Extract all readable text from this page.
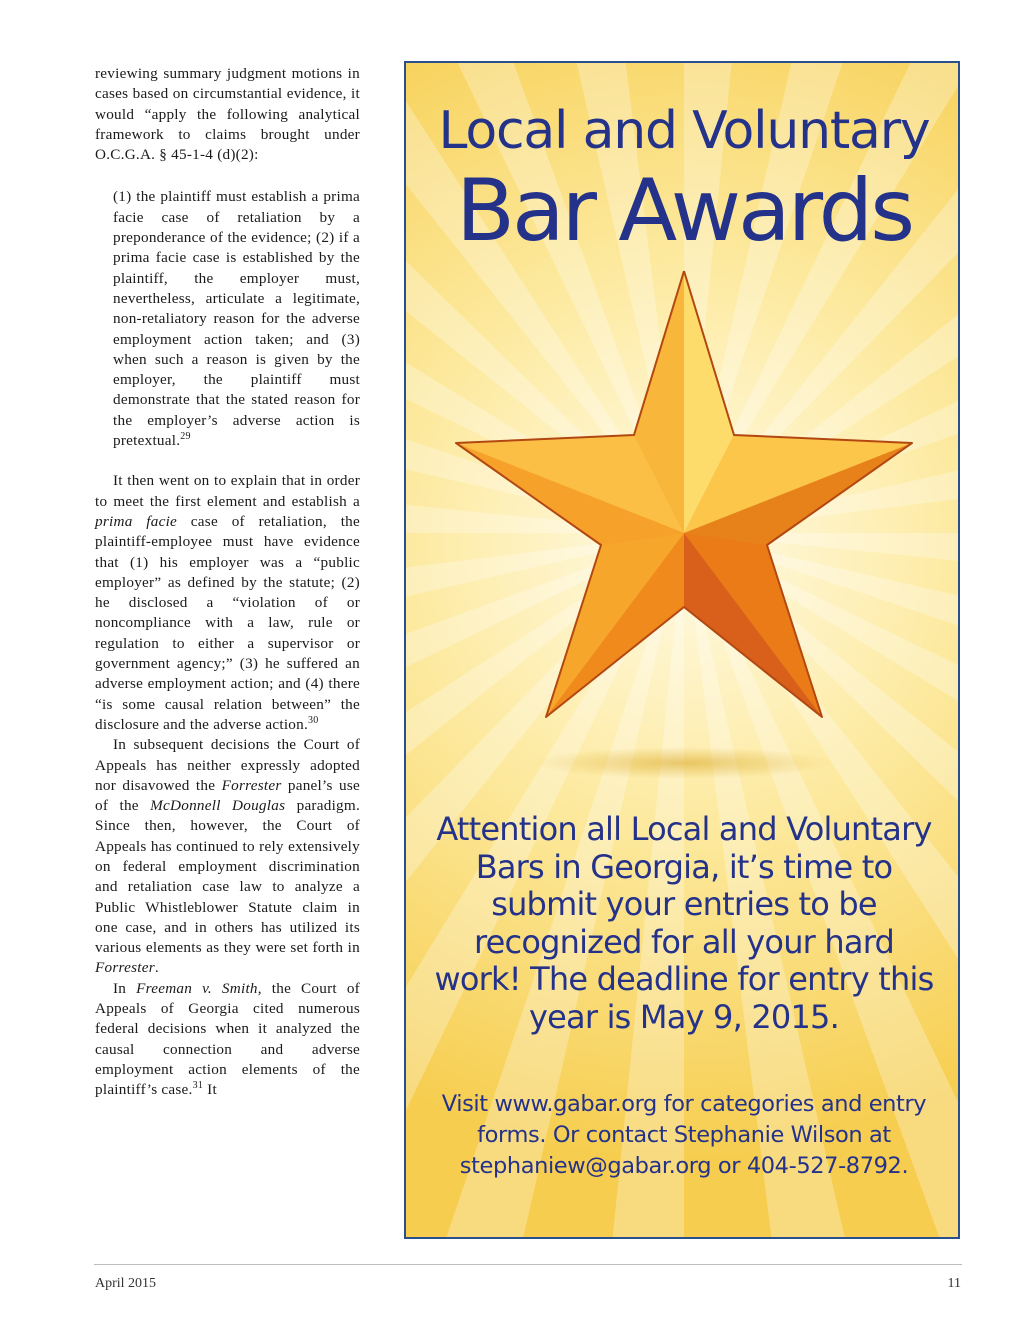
reviewing summary judgment motions in cases based on circumstantial evidence, it would “apply the following analytical framework to claims brought under O.C.G.A. § 45-1-4 (d)(2):

(1) the plaintiff must establish a prima facie case of retaliation by a preponderance of the evidence; (2) if a prima facie case is established by the plaintiff, the employer must, nevertheless, articulate a legitimate, non-retaliatory reason for the adverse employment action taken; and (3) when such a reason is given by the employer, the plaintiff must demonstrate that the stated reason for the employer’s adverse action is pretextual.$^{29}$

It then went on to explain that in order to meet the first element and establish a prima facie case of retaliation, the plaintiff-employee must have evidence that (1) his employer was a “public employer” as defined by the statute; (2) he disclosed a “violation of or noncompliance with a law, rule or regulation to either a supervisor or government agency;” (3) he suffered an adverse employment action; and (4) there “is some causal relation between” the disclosure and the adverse action.$^{30}$

In subsequent decisions the Court of Appeals has neither expressly adopted nor disavowed the Forrester panel’s use of the McDonnell Douglas paradigm. Since then, however, the Court of Appeals has continued to rely extensively on federal employment discrimination and retaliation case law to analyze a Public Whistleblower Statute claim in one case, and in others has utilized its various elements as they were set forth in Forrester.

In Freeman v. Smith, the Court of Appeals of Georgia cited numerous federal decisions when it analyzed the causal connection and adverse employment action elements of the plaintiff’s case.$^{31}$ It

Local and Voluntary
Bar Awards
Attention all Local and Voluntary Bars in Georgia, it’s time to submit your entries to be recognized for all your hard work! The deadline for entry this year is May 9, 2015.
Visit www.gabar.org for categories and entry forms. Or contact Stephanie Wilson at stephaniew@gabar.org or 404-527-8792.
April 2015	11
